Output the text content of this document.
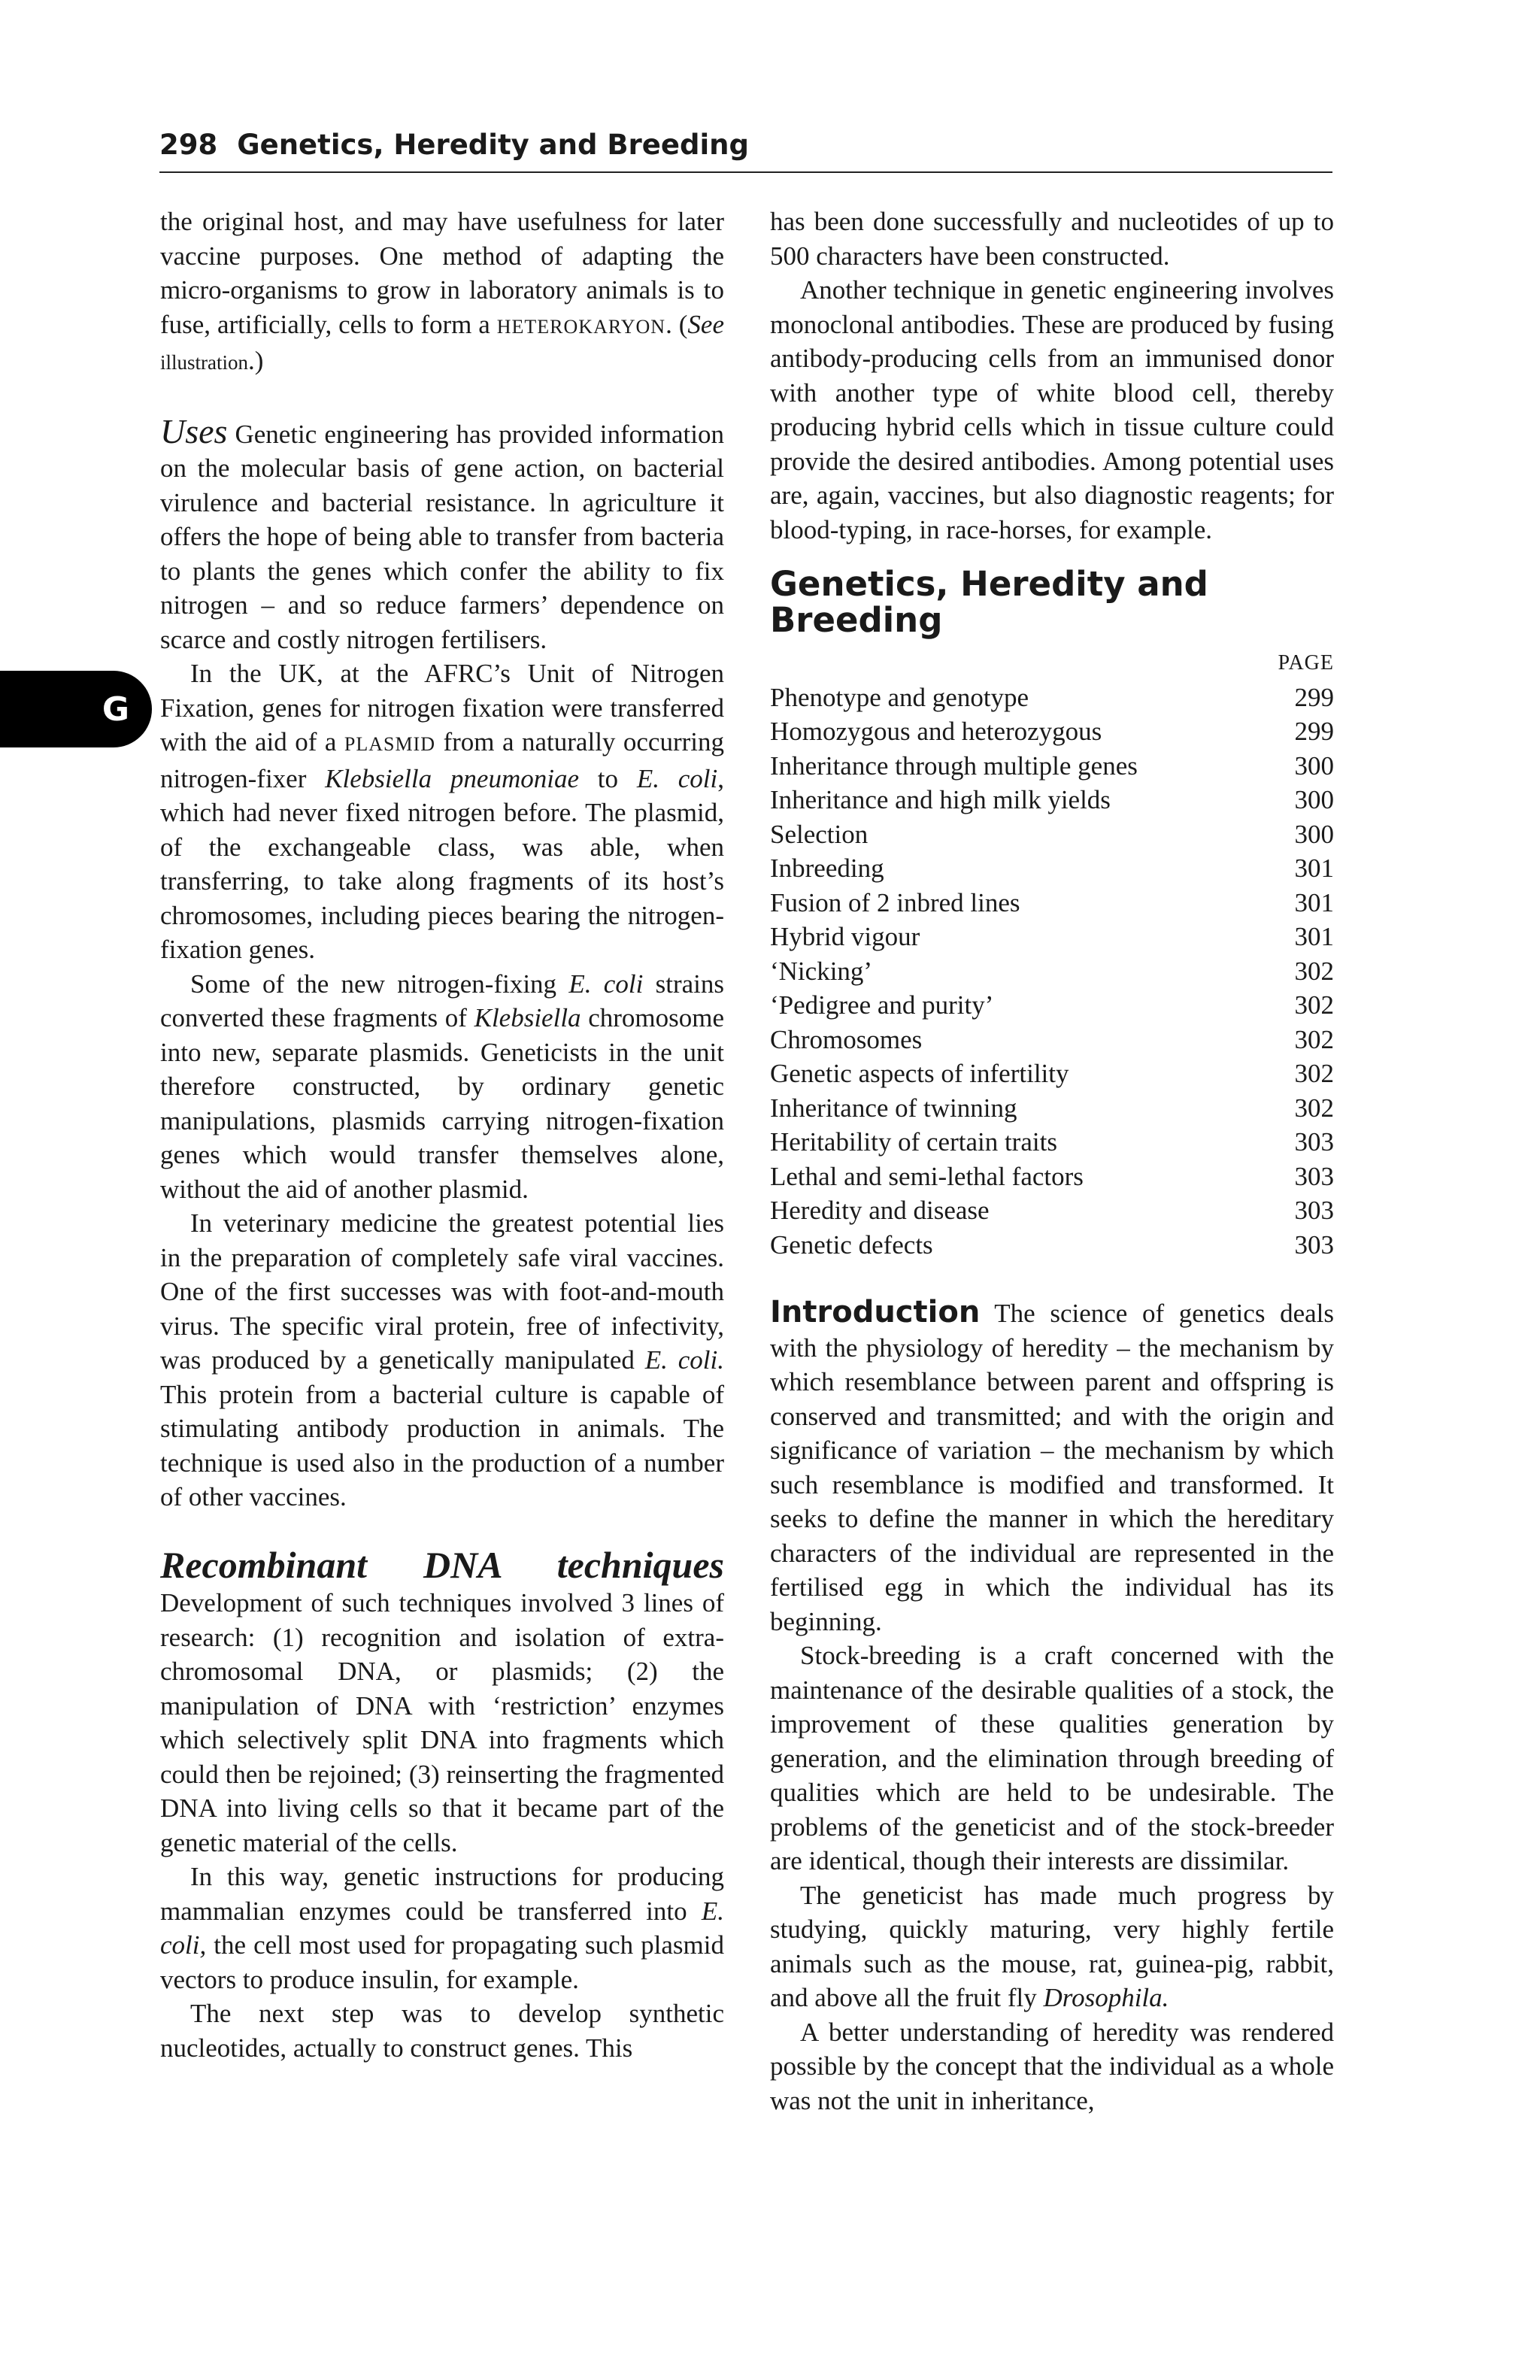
298 Genetics, Heredity and Breeding
G

the original host, and may have usefulness for later vaccine purposes. One method of adapting the micro-organisms to grow in laboratory animals is to fuse, artificially, cells to form a HETEROKARYON. (See illustration.)

Uses Genetic engineering has provided information on the molecular basis of gene action, on bacterial virulence and bacterial resistance. ln agriculture it offers the hope of being able to transfer from bacteria to plants the genes which confer the ability to fix nitrogen – and so reduce farmers’ dependence on scarce and costly nitrogen fertilisers.

In the UK, at the AFRC’s Unit of Nitrogen Fixation, genes for nitrogen fixation were transferred with the aid of a PLASMID from a naturally occurring nitrogen-fixer Klebsiella pneumoniae to E. coli, which had never fixed nitrogen before. The plasmid, of the exchangeable class, was able, when transferring, to take along fragments of its host’s chromosomes, including pieces bearing the nitrogen-fixation genes.

Some of the new nitrogen-fixing E. coli strains converted these fragments of Klebsiella chromosome into new, separate plasmids. Geneticists in the unit therefore constructed, by ordinary genetic manipulations, plasmids carrying nitrogen-fixation genes which would transfer themselves alone, without the aid of another plasmid.

In veterinary medicine the greatest potential lies in the preparation of completely safe viral vaccines. One of the first successes was with foot-and-mouth virus. The specific viral protein, free of infectivity, was produced by a genetically manipulated E. coli. This protein from a bacterial culture is capable of stimulating antibody production in animals. The technique is used also in the production of a number of other vaccines.

Recombinant DNA techniques Development of such techniques involved 3 lines of research: (1) recognition and isolation of extra-chromosomal DNA, or plasmids; (2) the manipulation of DNA with ‘restriction’ enzymes which selectively split DNA into fragments which could then be rejoined; (3) reinserting the fragmented DNA into living cells so that it became part of the genetic material of the cells.

In this way, genetic instructions for producing mammalian enzymes could be transferred into E. coli, the cell most used for propagating such plasmid vectors to produce insulin, for example.

The next step was to develop synthetic nucleotides, actually to construct genes. This

has been done successfully and nucleotides of up to 500 characters have been constructed.

Another technique in genetic engineering involves monoclonal antibodies. These are produced by fusing antibody-producing cells from an immunised donor with another type of white blood cell, thereby producing hybrid cells which in tissue culture could provide the desired antibodies. Among potential uses are, again, vaccines, but also diagnostic reagents; for blood-typing, in race-horses, for example.

Genetics, Heredity and Breeding
PAGE
Phenotype and genotype	299
Homozygous and heterozygous	299
Inheritance through multiple genes	300
Inheritance and high milk yields	300
Selection	300
Inbreeding	301
Fusion of 2 inbred lines	301
Hybrid vigour	301
‘Nicking’	302
‘Pedigree and purity’	302
Chromosomes	302
Genetic aspects of infertility	302
Inheritance of twinning	302
Heritability of certain traits	303
Lethal and semi-lethal factors	303
Heredity and disease	303
Genetic defects	303

Introduction The science of genetics deals with the physiology of heredity – the mechanism by which resemblance between parent and offspring is conserved and transmitted; and with the origin and significance of variation – the mechanism by which such resemblance is modified and transformed. It seeks to define the manner in which the hereditary characters of the individual are represented in the fertilised egg in which the individual has its beginning.

Stock-breeding is a craft concerned with the maintenance of the desirable qualities of a stock, the improvement of these qualities generation by generation, and the elimination through breeding of qualities which are held to be undesirable. The problems of the geneticist and of the stock-breeder are identical, though their interests are dissimilar.

The geneticist has made much progress by studying, quickly maturing, very highly fertile animals such as the mouse, rat, guinea-pig, rabbit, and above all the fruit fly Drosophila.

A better understanding of heredity was rendered possible by the concept that the individual as a whole was not the unit in inheritance,
